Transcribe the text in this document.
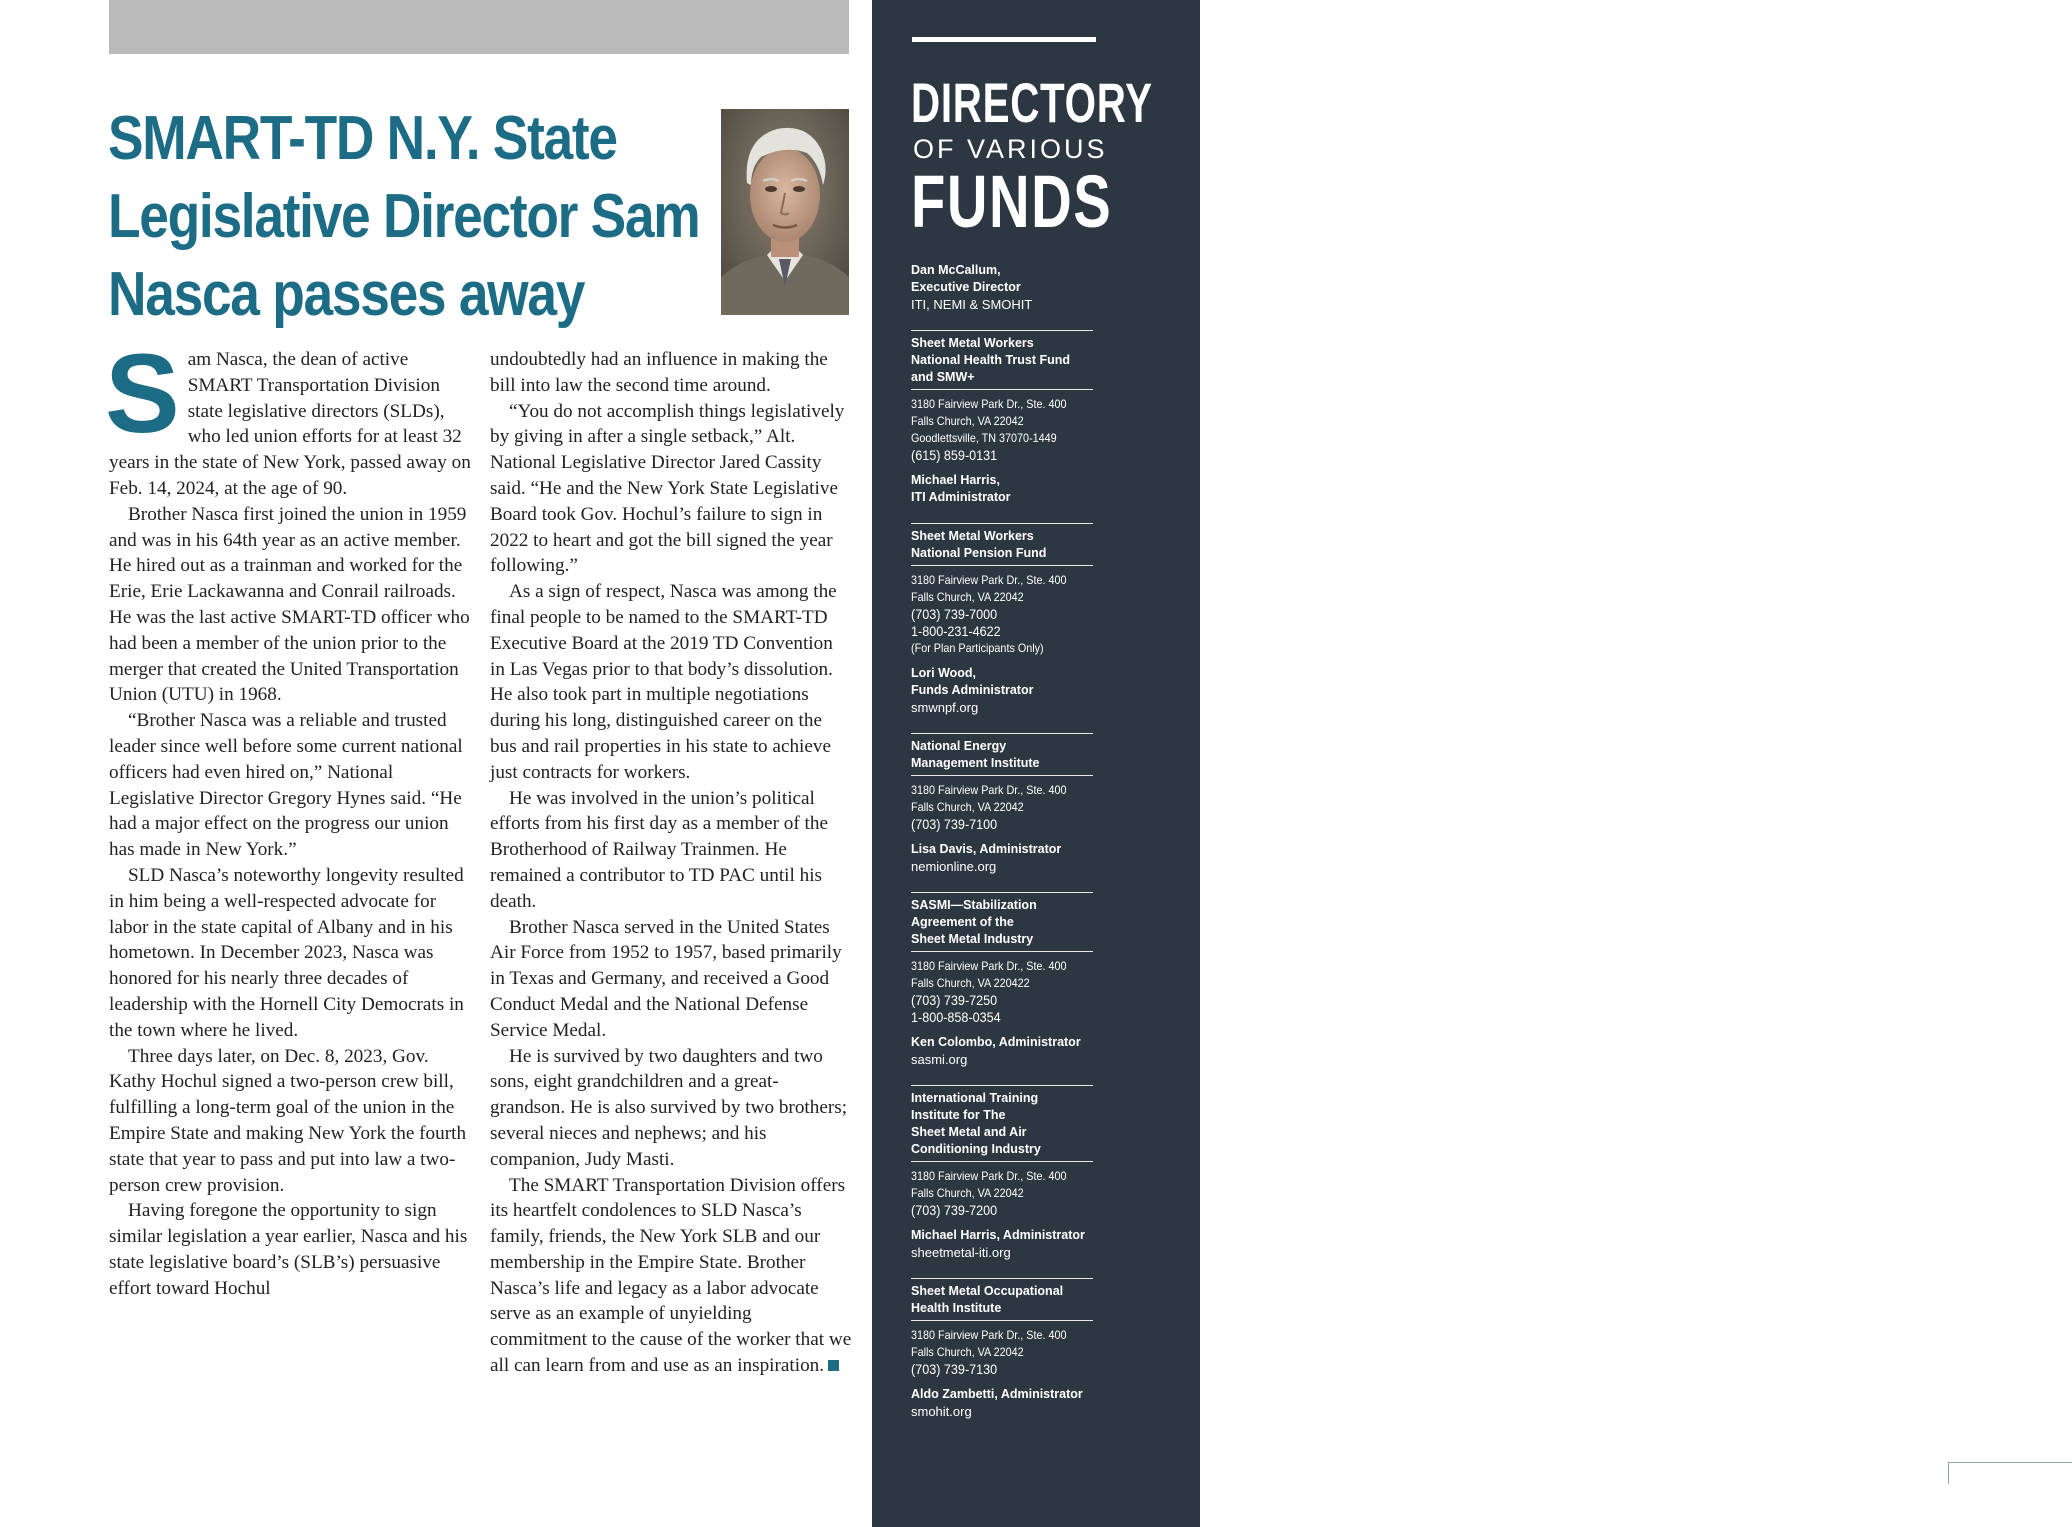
SMART-TD N.Y. State
Legislative Director Sam
Nasca passes away

Sam Nasca, the dean of active SMART Transportation Division state legislative directors (SLDs), who led union efforts for at least 32 years in the state of New York, passed away on Feb. 14, 2024, at the age of 90.

Brother Nasca first joined the union in 1959 and was in his 64th year as an active member. He hired out as a trainman and worked for the Erie, Erie Lackawanna and Conrail railroads. He was the last active SMART-TD officer who had been a member of the union prior to the merger that created the United Transportation Union (UTU) in 1968.

“Brother Nasca was a reliable and trusted leader since well before some current national officers had even hired on,” National Legislative Director Gregory Hynes said. “He had a major effect on the progress our union has made in New York.”

SLD Nasca’s noteworthy longevity resulted in him being a well-respected advocate for labor in the state capital of Albany and in his hometown. In December 2023, Nasca was honored for his nearly three decades of leadership with the Hornell City Democrats in the town where he lived.

Three days later, on Dec. 8, 2023, Gov. Kathy Hochul signed a two-person crew bill, fulfilling a long-term goal of the union in the Empire State and making New York the fourth state that year to pass and put into law a two-person crew provision.

Having foregone the opportunity to sign similar legislation a year earlier, Nasca and his state legislative board’s (SLB’s) persuasive effort toward Hochul

undoubtedly had an influence in making the bill into law the second time around.

“You do not accomplish things legislatively by giving in after a single setback,” Alt. National Legislative Director Jared Cassity said. “He and the New York State Legislative Board took Gov. Hochul’s failure to sign in 2022 to heart and got the bill signed the year following.”

As a sign of respect, Nasca was among the final people to be named to the SMART-TD Executive Board at the 2019 TD Convention in Las Vegas prior to that body’s dissolution. He also took part in multiple negotiations during his long, distinguished career on the bus and rail properties in his state to achieve just contracts for workers.

He was involved in the union’s political efforts from his first day as a member of the Brotherhood of Railway Trainmen. He remained a contributor to TD PAC until his death.

Brother Nasca served in the United States Air Force from 1952 to 1957, based primarily in Texas and Germany, and received a Good Conduct Medal and the National Defense Service Medal.

He is survived by two daughters and two sons, eight grandchildren and a great-grandson. He is also survived by two brothers; several nieces and nephews; and his companion, Judy Masti.

The SMART Transportation Division offers its heartfelt condolences to SLD Nasca’s family, friends, the New York SLB and our membership in the Empire State. Brother Nasca’s life and legacy as a labor advocate serve as an example of unyielding commitment to the cause of the worker that we all can learn from and use as an inspiration.

DIRECTORY
OF VARIOUS
FUNDS
Dan McCallum,
Executive Director
ITI, NEMI & SMOHIT
Sheet Metal Workers
National Health Trust Fund
and SMW+
3180 Fairview Park Dr., Ste. 400
Falls Church, VA 22042
Goodlettsville, TN 37070-1449
(615) 859-0131
Michael Harris,
ITI Administrator
Sheet Metal Workers
National Pension Fund
3180 Fairview Park Dr., Ste. 400
Falls Church, VA 22042
(703) 739-7000
1-800-231-4622
(For Plan Participants Only)
Lori Wood,
Funds Administrator
smwnpf.org
National Energy
Management Institute
3180 Fairview Park Dr., Ste. 400
Falls Church, VA 22042
(703) 739-7100
Lisa Davis, Administrator
nemionline.org
SASMI—Stabilization
Agreement of the
Sheet Metal Industry
3180 Fairview Park Dr., Ste. 400
Falls Church, VA 220422
(703) 739-7250
1-800-858-0354
Ken Colombo, Administrator
sasmi.org
International Training
Institute for The
Sheet Metal and Air
Conditioning Industry
3180 Fairview Park Dr., Ste. 400
Falls Church, VA 22042
(703) 739-7200
Michael Harris, Administrator
sheetmetal-iti.org
Sheet Metal Occupational
Health Institute
3180 Fairview Park Dr., Ste. 400
Falls Church, VA 22042
(703) 739-7130
Aldo Zambetti, Administrator
smohit.org
SPRING 2024
19
